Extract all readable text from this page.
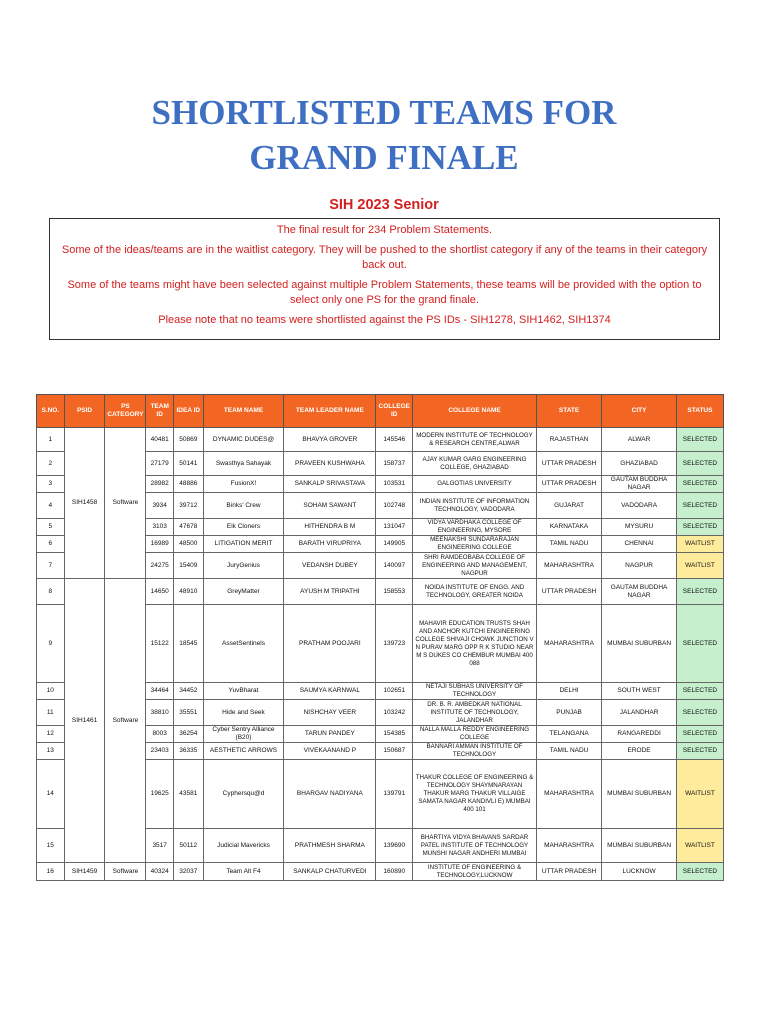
SHORTLISTED TEAMS FOR
GRAND FINALE
SIH 2023 Senior

The final result for 234 Problem Statements.

Some of the ideas/teams are in the waitlist category. They will be pushed to the shortlist category if any of the teams in their category back out.

Some of the teams might have been selected against multiple Problem Statements, these teams will be provided with the option to select only one PS for the grand finale.

Please note that no teams were shortlisted against the PS IDs - SIH1278, SIH1462, SIH1374

S.NO.	PSID	PS CATEGORY	TEAM ID	IDEA ID	TEAM NAME	TEAM LEADER NAME	COLLEGE ID	COLLEGE NAME	STATE	CITY	STATUS
1	SIH1458	Software	40481	50869	DYNAMIC DUDES@	BHAVYA GROVER	145546	MODERN INSTITUTE OF TECHNOLOGY & RESEARCH CENTRE,ALWAR	RAJASTHAN	ALWAR	SELECTED
2			27179	50141	Swasthya Sahayak	PRAVEEN KUSHWAHA	158737	AJAY KUMAR GARG ENGINEERING COLLEGE, GHAZIABAD	UTTAR PRADESH	GHAZIABAD	SELECTED
3			28982	48886	FusionX!	SANKALP SRIVASTAVA	103531	GALGOTIAS UNIVERSITY	UTTAR PRADESH	GAUTAM BUDDHA NAGAR	SELECTED
4			3934	39712	Binks' Crew	SOHAM SAWANT	102748	INDIAN INSTITUTE OF INFORMATION TECHNOLOGY, VADODARA	GUJARAT	VADODARA	SELECTED
5			3103	47678	Elk Cloners	HITHENDRA B M	131047	VIDYA VARDHAKA COLLEGE OF ENGINEERING, MYSORE	KARNATAKA	MYSURU	SELECTED
6			16989	48500	LITIGATION MERIT	BARATH VIRUPRIYA	149905	MEENAKSHI SUNDARARAJAN ENGINEERING COLLEGE	TAMIL NADU	CHENNAI	WAITLIST
7			24275	15409	JuryGenius	VEDANSH DUBEY	140097	SHRI RAMDEOBABA COLLEGE OF ENGINEERING AND MANAGEMENT, NAGPUR	MAHARASHTRA	NAGPUR	WAITLIST
8	SIH1461	Software	14650	48910	GreyMatter	AYUSH M TRIPATHI	158553	NOIDA INSTITUTE OF ENGG. AND TECHNOLOGY, GREATER NOIDA	UTTAR PRADESH	GAUTAM BUDDHA NAGAR	SELECTED
9			15122	18545	AssetSentinels	PRATHAM POOJARI	139723	MAHAVIR EDUCATION TRUSTS SHAH AND ANCHOR KUTCHI ENGINEERING COLLEGE SHIVAJI CHOWK JUNCTION V N PURAV MARG OPP R K STUDIO NEAR M S DUKES CO CHEMBUR MUMBAI 400 088	MAHARASHTRA	MUMBAI SUBURBAN	SELECTED
10			34464	34452	YuvBharat	SAUMYA KARNWAL	102651	NETAJI SUBHAS UNIVERSITY OF TECHNOLOGY	DELHI	SOUTH WEST	SELECTED
11			38810	35551	Hide and Seek	NISHCHAY VEER	103242	DR. B. R. AMBEDKAR NATIONAL INSTITUTE OF TECHNOLOGY, JALANDHAR	PUNJAB	JALANDHAR	SELECTED
12			8003	36254	Cyber Sentry Alliance (B20)	TARUN PANDEY	154385	NALLA MALLA REDDY ENGINEERING COLLEGE	TELANGANA	RANGAREDDI	SELECTED
13			23403	36335	AESTHETIC ARROWS	VIVEKAANAND P	150687	BANNARI AMMAN INSTITUTE OF TECHNOLOGY	TAMIL NADU	ERODE	SELECTED
14			19625	43581	Cyphersqu@d	BHARGAV NADIYANA	139791	THAKUR COLLEGE OF ENGINEERING & TECHNOLOGY SHAYMNARAYAN THAKUR MARG THAKUR VILLAIGE SAMATA NAGAR KANDIVLI E) MUMBAI 400 101	MAHARASHTRA	MUMBAI SUBURBAN	WAITLIST
15			3517	50112	Judicial Mavericks	PRATHMESH SHARMA	139690	BHARTIYA VIDYA BHAVANS SARDAR PATEL INSTITUTE OF TECHNOLOGY MUNSHI NAGAR ANDHERI MUMBAI	MAHARASHTRA	MUMBAI SUBURBAN	WAITLIST
16	SIH1459	Software	40324	32037	Team Alt F4	SANKALP CHATURVEDI	160890	INSTITUTE OF ENGINEERING & TECHNOLOGY,LUCKNOW	UTTAR PRADESH	LUCKNOW	SELECTED
